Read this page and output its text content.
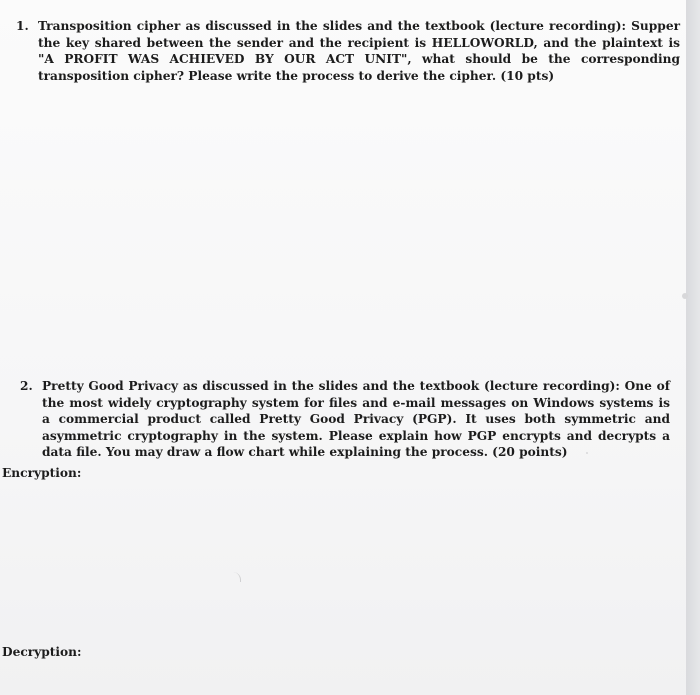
1. Transposition cipher as discussed in the slides and the textbook (lecture recording): Supper the key shared between the sender and the recipient is HELLOWORLD, and the plaintext is "A PROFIT WAS ACHIEVED BY OUR ACT UNIT", what should be the corresponding transposition cipher? Please write the process to derive the cipher. (10 pts)
2. Pretty Good Privacy as discussed in the slides and the textbook (lecture recording): One of the most widely cryptography system for files and e-mail messages on Windows systems is a commercial product called Pretty Good Privacy (PGP). It uses both symmetric and asymmetric cryptography in the system. Please explain how PGP encrypts and decrypts a data file. You may draw a flow chart while explaining the process. (20 points)
Encryption:
Decryption:
